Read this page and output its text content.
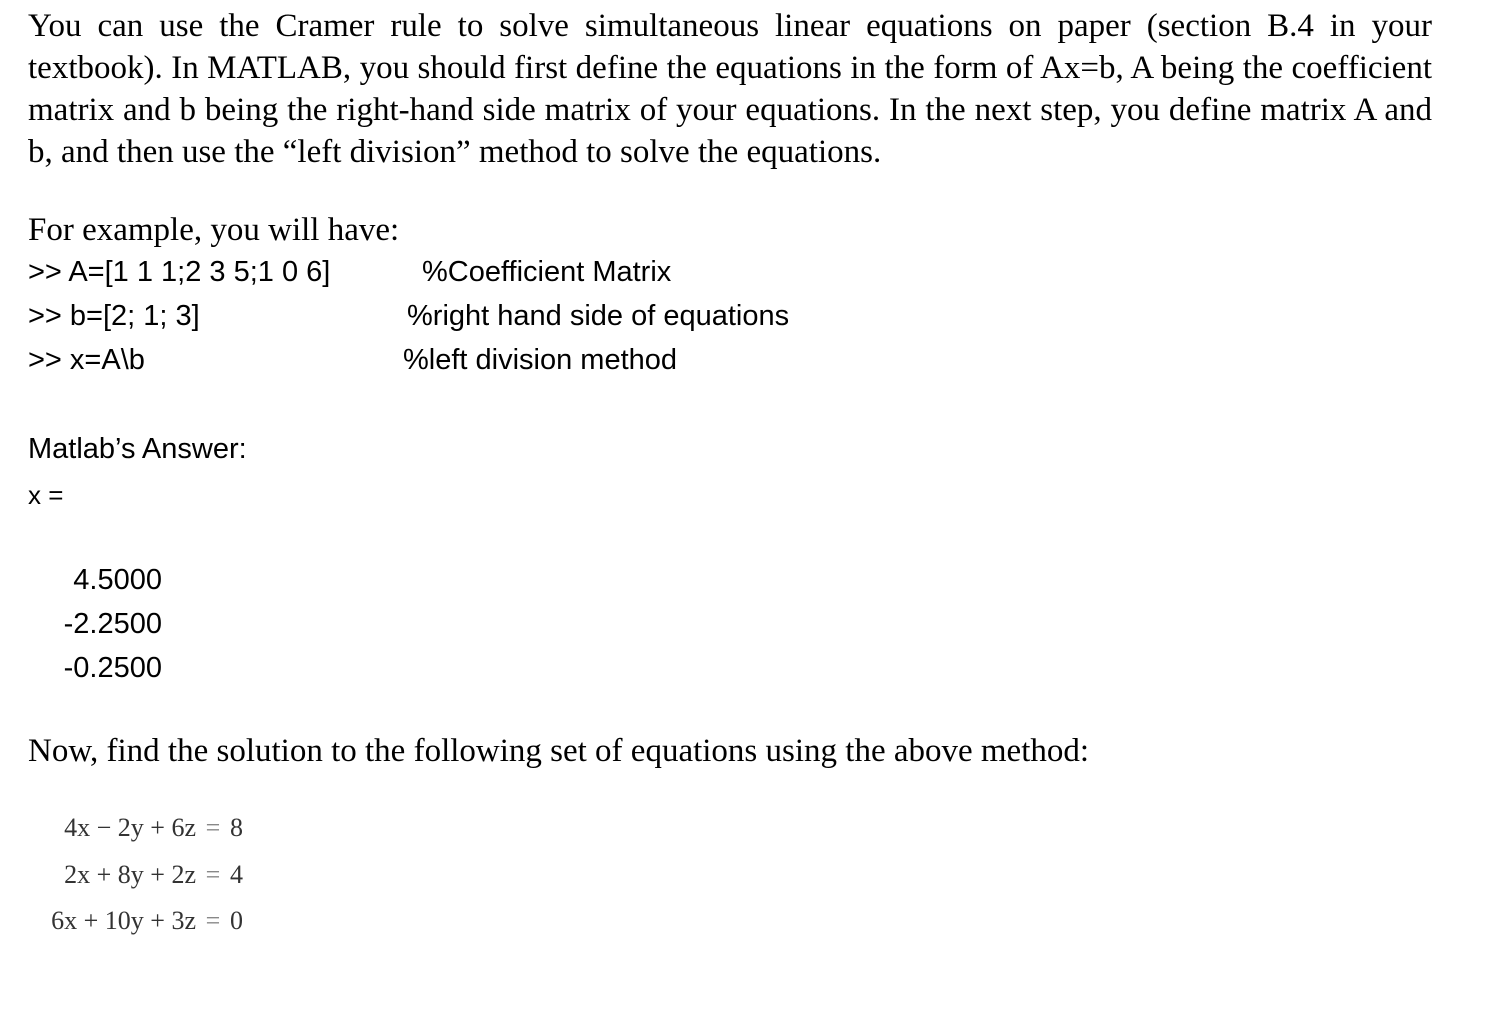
You can use the Cramer rule to solve simultaneous linear equations on paper (section B.4 in your textbook). In MATLAB, you should first define the equations in the form of Ax=b, A being the coefficient matrix and b being the right-hand side matrix of your equations. In the next step, you define matrix A and b, and then use the “left division” method to solve the equations.

For example, you will have:

>> A=[1 1 1;2 3 5;1 0 6]	%Coefficient Matrix
>> b=[2; 1; 3]	%right hand side of equations
>> x=A\b	%left division method
Matlab’s Answer:
x =
4.5000
-2.2500
-0.2500

Now, find the solution to the following set of equations using the above method:

4x − 2y + 6z = 8
2x + 8y + 2z = 4
6x + 10y + 3z = 0
